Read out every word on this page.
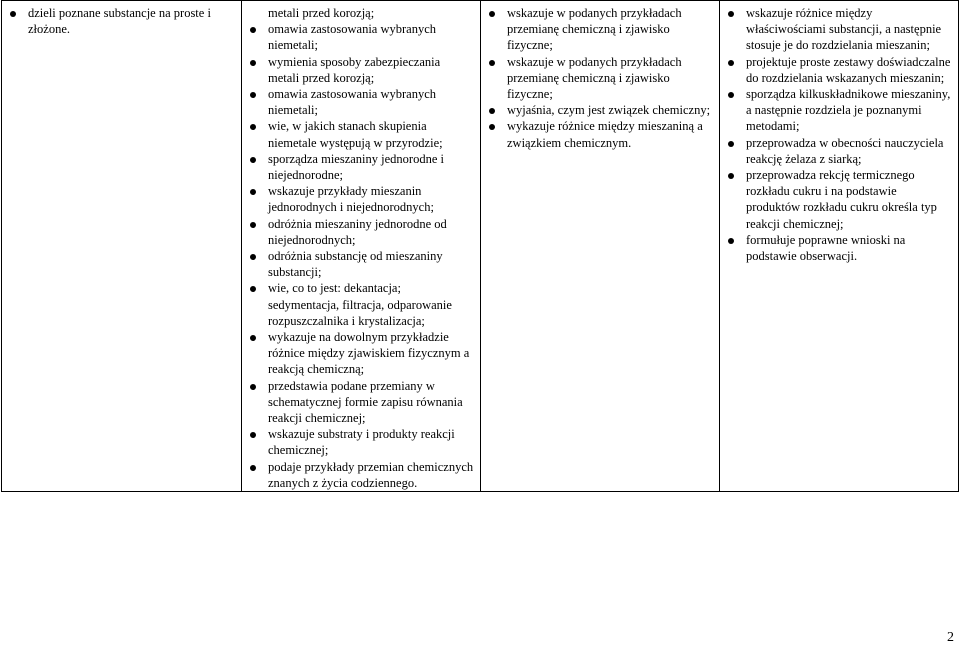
dzieli poznane substancje na proste i złożone.

metali przed korozją;
omawia zastosowania wybranych niemetali;
wymienia sposoby zabezpieczania metali przed korozją;
omawia zastosowania wybranych niemetali;
wie, w jakich stanach skupienia niemetale występują w przyrodzie;
sporządza mieszaniny jednorodne i niejednorodne;
wskazuje przykłady mieszanin jednorodnych i niejednorodnych;
odróżnia mieszaniny jednorodne od niejednorodnych;
odróżnia substancję od mieszaniny substancji;
wie, co to jest: dekantacja; sedymentacja, filtracja, odparowanie rozpuszczalnika i krystalizacja;
wykazuje na dowolnym przykładzie różnice między zjawiskiem fizycznym a reakcją chemiczną;
przedstawia podane przemiany w schematycznej formie zapisu równania reakcji chemicznej;
wskazuje substraty i produkty reakcji chemicznej;
podaje przykłady przemian chemicznych znanych z życia codziennego.

wskazuje w podanych przykładach przemianę chemiczną i zjawisko fizyczne;
wskazuje w podanych przykładach przemianę chemiczną i zjawisko fizyczne;
wyjaśnia, czym jest związek chemiczny;
wykazuje różnice między mieszaniną a związkiem chemicznym.

wskazuje różnice między właściwościami substancji, a następnie stosuje je do rozdzielania mieszanin;
projektuje proste zestawy doświadczalne do rozdzielania wskazanych mieszanin;
sporządza kilkuskładnikowe mieszaniny, a następnie rozdziela je poznanymi metodami;
przeprowadza w obecności nauczyciela reakcję żelaza z siarką;
przeprowadza rekcję termicznego rozkładu cukru i na podstawie produktów rozkładu cukru określa typ reakcji chemicznej;
formułuje poprawne wnioski na podstawie obserwacji.
2
